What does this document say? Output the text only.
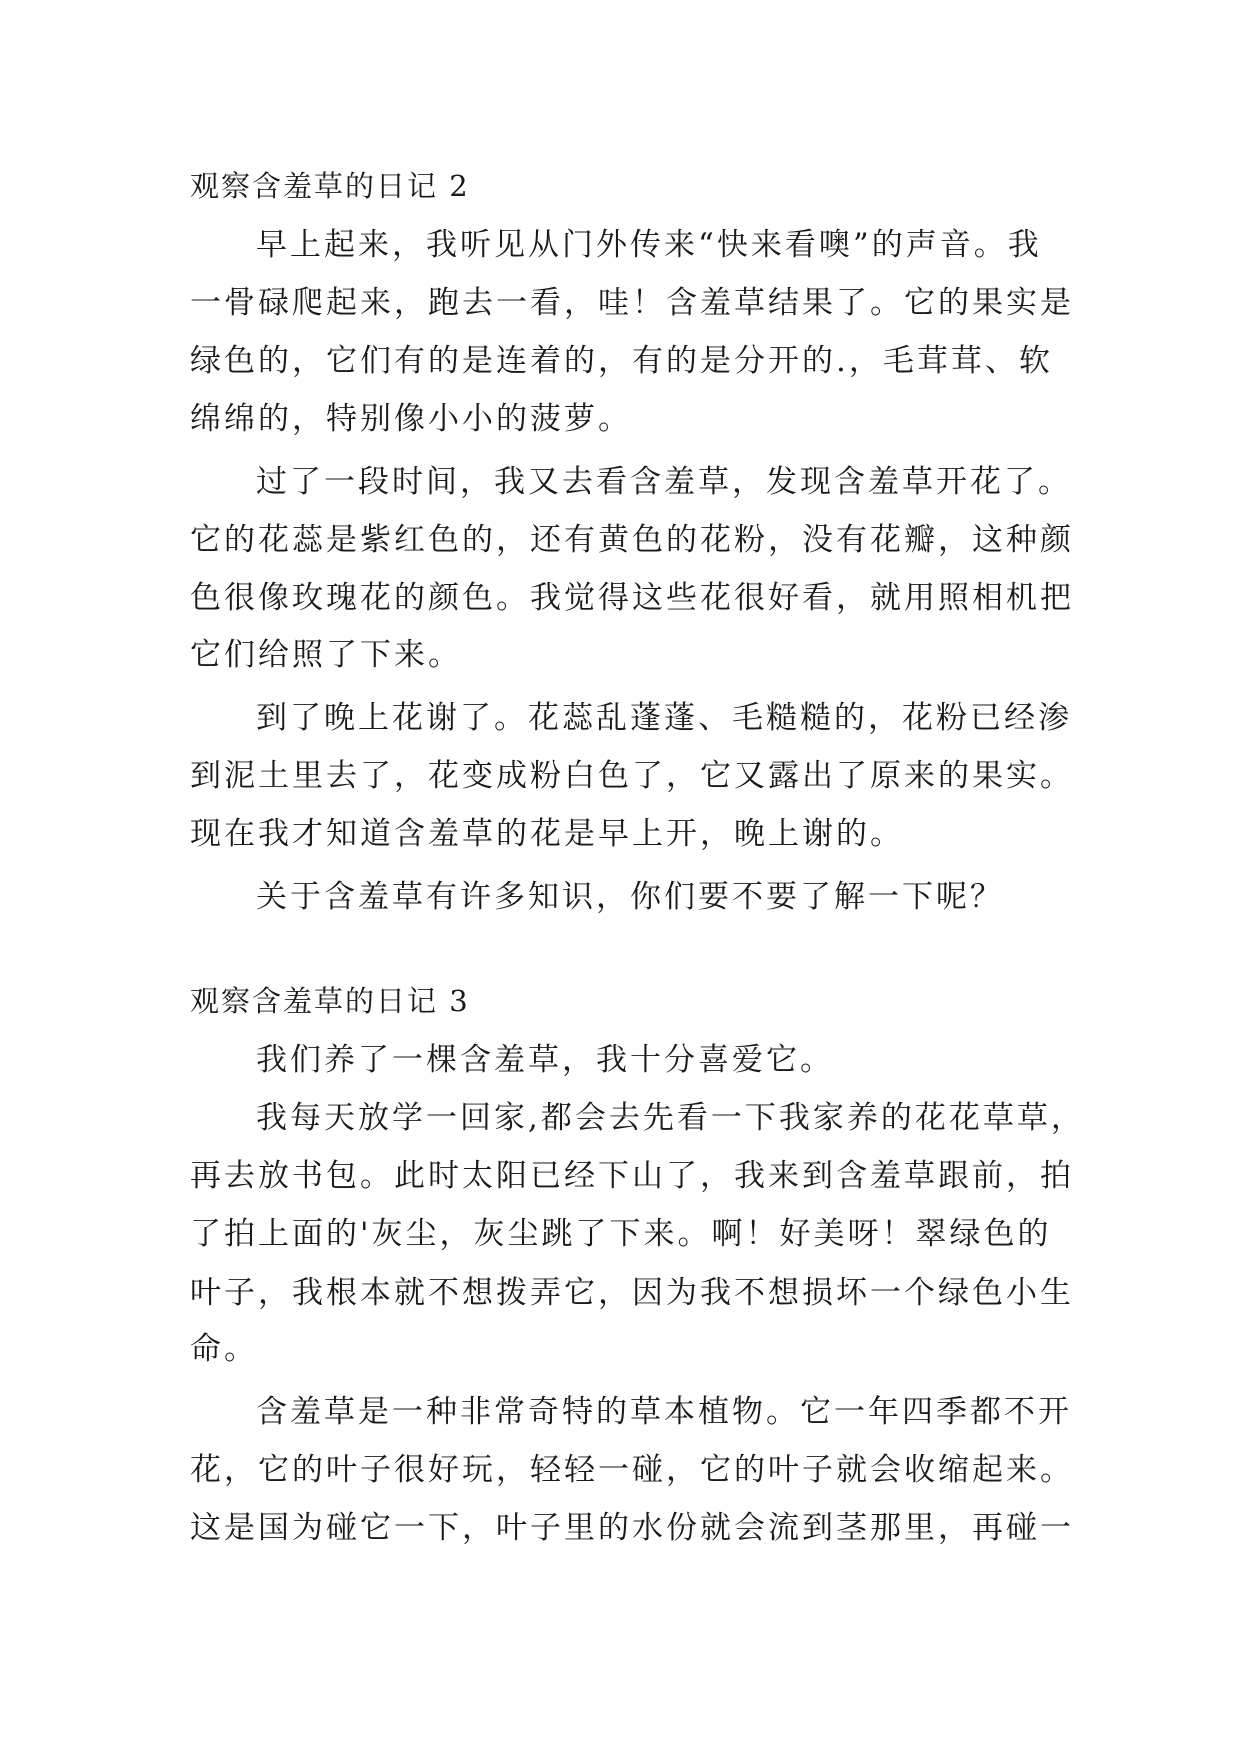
观察含羞草的日记 2
早上起来，我听见从门外传来“快来看噢”的声音。我
一骨碌爬起来，跑去一看，哇！含羞草结果了。它的果实是
绿色的，它们有的是连着的，有的是分开的.，毛茸茸、软
绵绵的，特别像小小的菠萝。
过了一段时间，我又去看含羞草，发现含羞草开花了。
它的花蕊是紫红色的，还有黄色的花粉，没有花瓣，这种颜
色很像玫瑰花的颜色。我觉得这些花很好看，就用照相机把
它们给照了下来。
到了晚上花谢了。花蕊乱蓬蓬、毛糙糙的，花粉已经渗
到泥土里去了，花变成粉白色了，它又露出了原来的果实。
现在我才知道含羞草的花是早上开，晚上谢的。
关于含羞草有许多知识，你们要不要了解一下呢？
观察含羞草的日记 3
我们养了一棵含羞草，我十分喜爱它。
我每天放学一回家,都会去先看一下我家养的花花草草，
再去放书包。此时太阳已经下山了，我来到含羞草跟前，拍
了拍上面的'灰尘，灰尘跳了下来。啊！好美呀！翠绿色的
叶子，我根本就不想拨弄它，因为我不想损坏一个绿色小生
命。
含羞草是一种非常奇特的草本植物。它一年四季都不开
花，它的叶子很好玩，轻轻一碰，它的叶子就会收缩起来。
这是国为碰它一下，叶子里的水份就会流到茎那里，再碰一
